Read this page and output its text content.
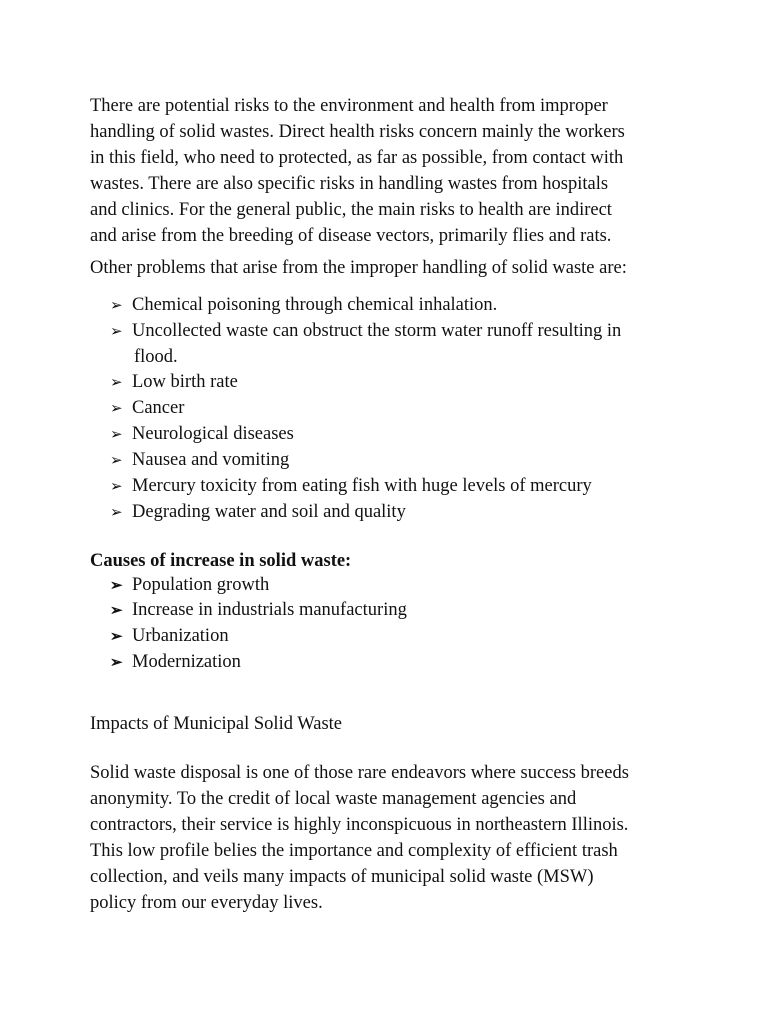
There are potential risks to the environment and health from improper
handling of solid wastes. Direct health risks concern mainly the workers
in this field, who need to protected, as far as possible, from contact with
wastes. There are also specific risks in handling wastes from hospitals
and clinics. For the general public, the main risks to health are indirect
and arise from the breeding of disease vectors, primarily flies and rats.
Other problems that arise from the improper handling of solid waste are:
➢ Chemical poisoning through chemical inhalation.
➢ Uncollected waste can obstruct the storm water runoff resulting in
flood.
➢ Low birth rate
➢ Cancer
➢ Neurological diseases
➢ Nausea and vomiting
➢ Mercury toxicity from eating fish with huge levels of mercury
➢ Degrading water and soil and quality
Causes of increase in solid waste:
➢ Population growth
➢ Increase in industrials manufacturing
➢ Urbanization
➢ Modernization
Impacts of Municipal Solid Waste
Solid waste disposal is one of those rare endeavors where success breeds
anonymity. To the credit of local waste management agencies and
contractors, their service is highly inconspicuous in northeastern Illinois.
This low profile belies the importance and complexity of efficient trash
collection, and veils many impacts of municipal solid waste (MSW)
policy from our everyday lives.
